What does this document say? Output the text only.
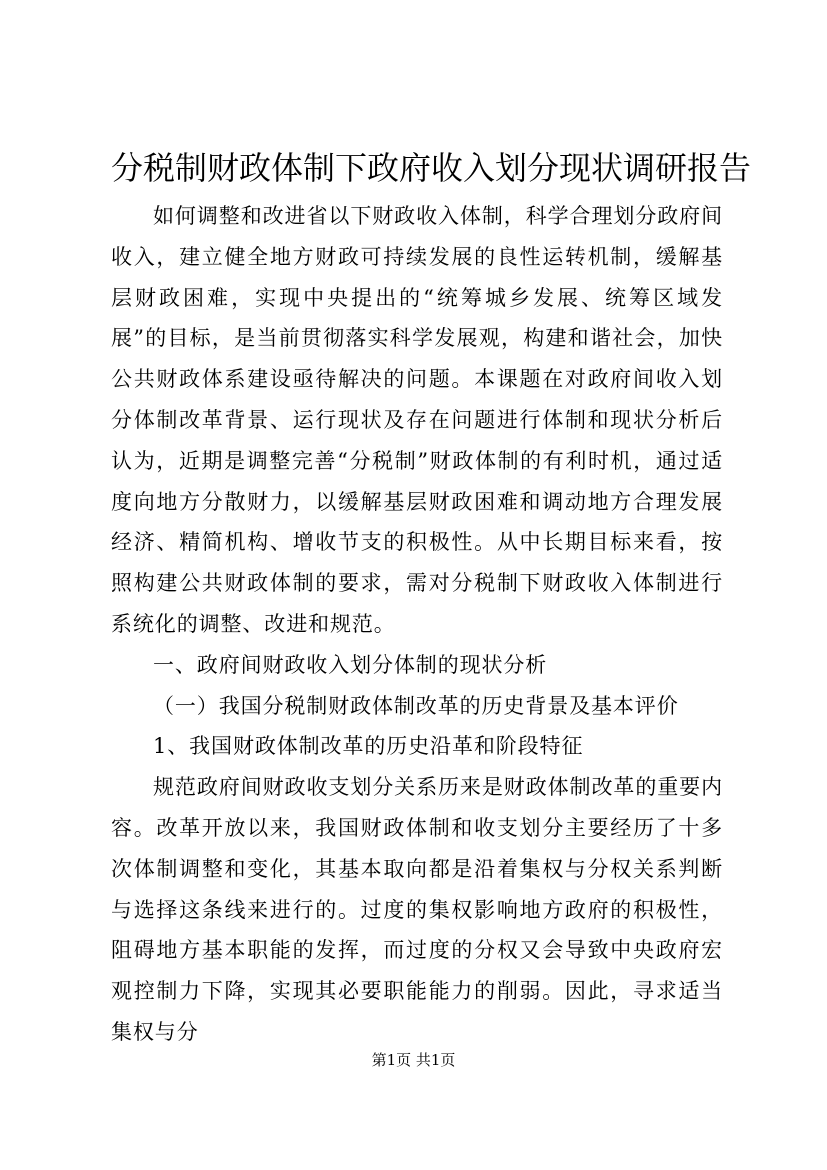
分税制财政体制下政府收入划分现状调研报告

如何调整和改进省以下财政收入体制，科学合理划分政府间收入，建立健全地方财政可持续发展的良性运转机制，缓解基层财政困难，实现中央提出的“统筹城乡发展、统筹区域发展”的目标，是当前贯彻落实科学发展观，构建和谐社会，加快公共财政体系建设亟待解决的问题。本课题在对政府间收入划分体制改革背景、运行现状及存在问题进行体制和现状分析后认为，近期是调整完善“分税制”财政体制的有利时机，通过适度向地方分散财力，以缓解基层财政困难和调动地方合理发展经济、精简机构、增收节支的积极性。从中长期目标来看，按照构建公共财政体制的要求，需对分税制下财政收入体制进行系统化的调整、改进和规范。

一、政府间财政收入划分体制的现状分析

（一）我国分税制财政体制改革的历史背景及基本评价

1、我国财政体制改革的历史沿革和阶段特征

规范政府间财政收支划分关系历来是财政体制改革的重要内容。改革开放以来，我国财政体制和收支划分主要经历了十多次体制调整和变化，其基本取向都是沿着集权与分权关系判断与选择这条线来进行的。过度的集权影响地方政府的积极性，阻碍地方基本职能的发挥，而过度的分权又会导致中央政府宏观控制力下降，实现其必要职能能力的削弱。因此，寻求适当集权与分

第1页 共1页
